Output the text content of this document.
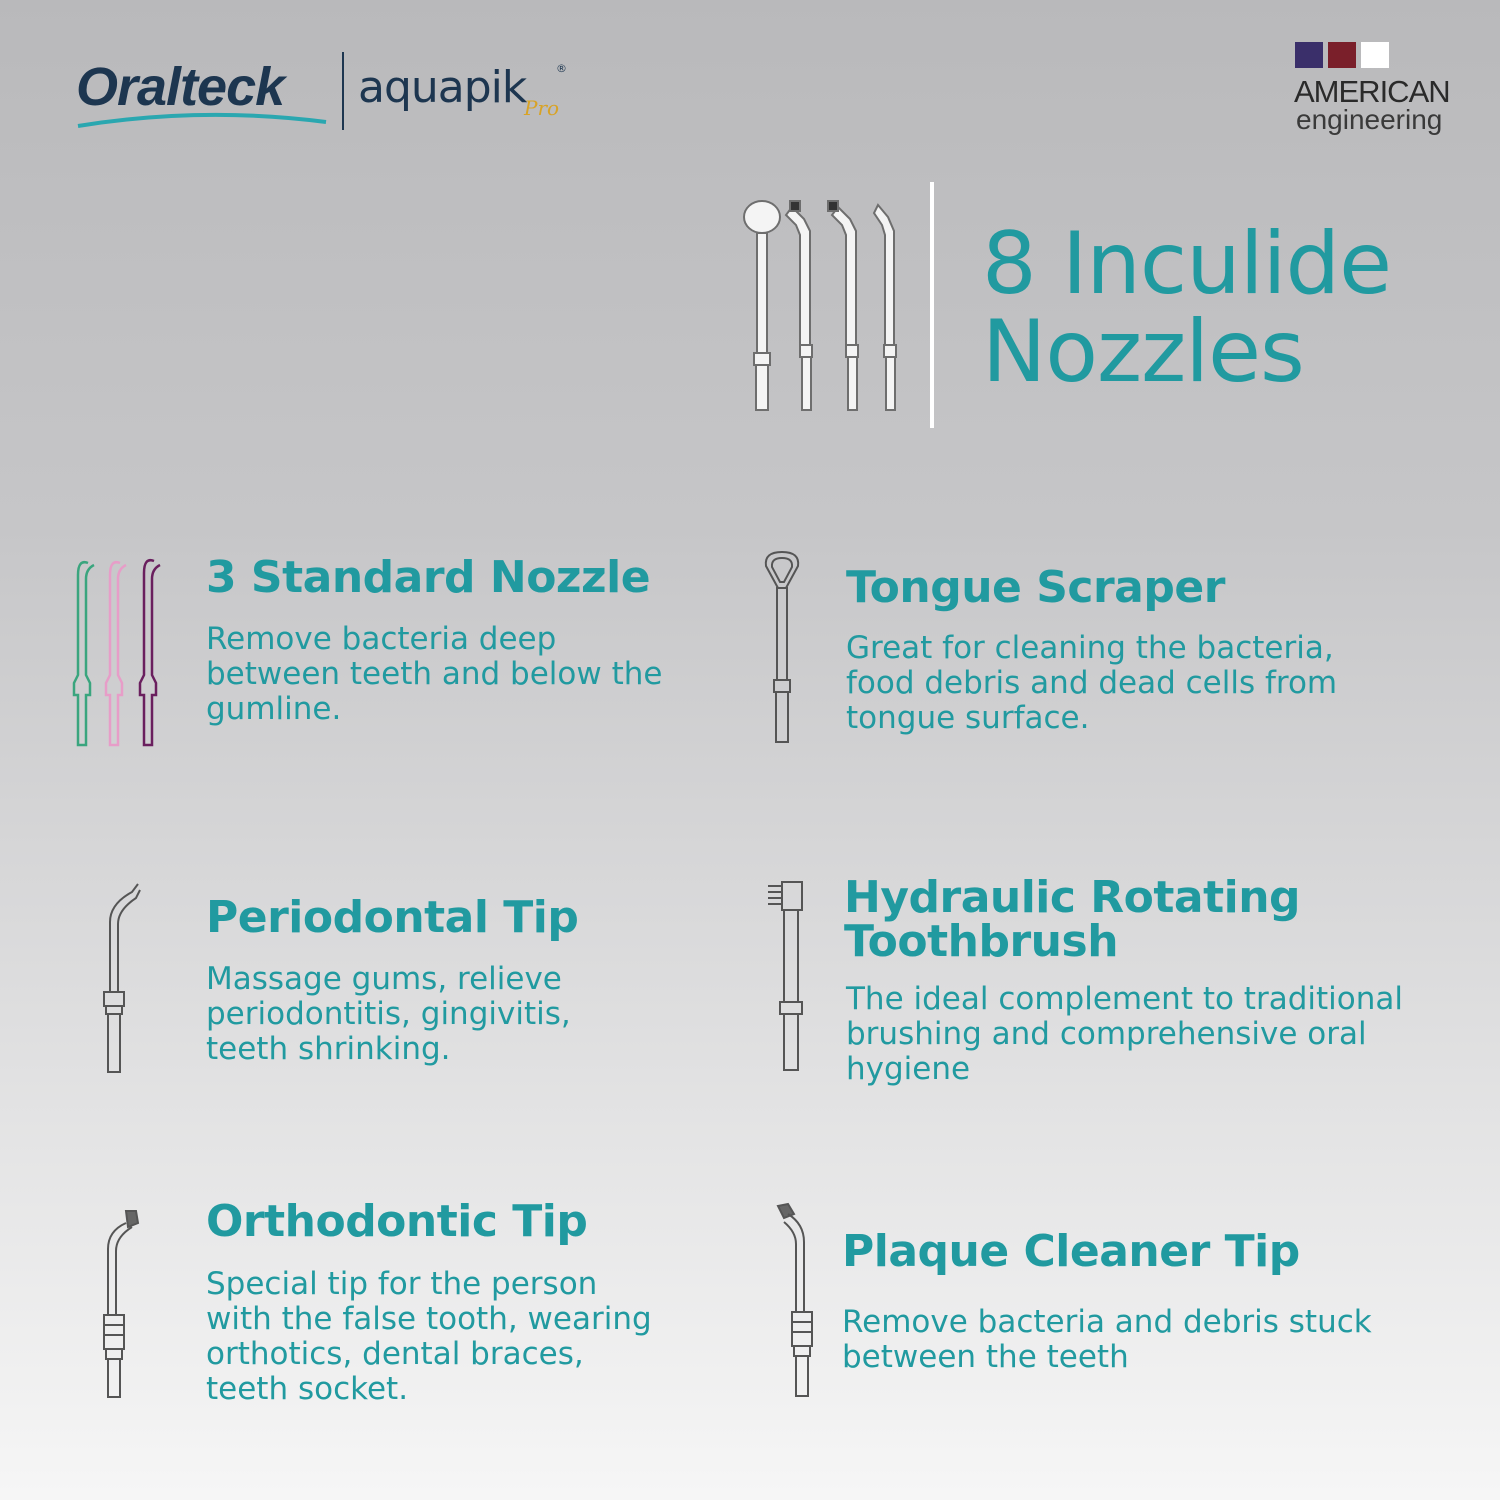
Oralteck aquapik	®
Pro	AMERICAN
engineering
8 Inculide
Nozzles
3 Standard Nozzle
Remove bacteria deep between teeth and below the gumline.
Tongue Scraper
Great for cleaning the bacteria, food debris and dead cells from tongue surface.
Periodontal Tip
Massage gums, relieve periodontitis, gingivitis, teeth shrinking.
Hydraulic Rotating Toothbrush
The ideal complement to traditional brushing and comprehensive oral hygiene
Orthodontic Tip
Special tip for the person with the false tooth, wearing orthotics, dental braces, teeth socket.
Plaque Cleaner Tip
Remove bacteria and debris stuck between the teeth
